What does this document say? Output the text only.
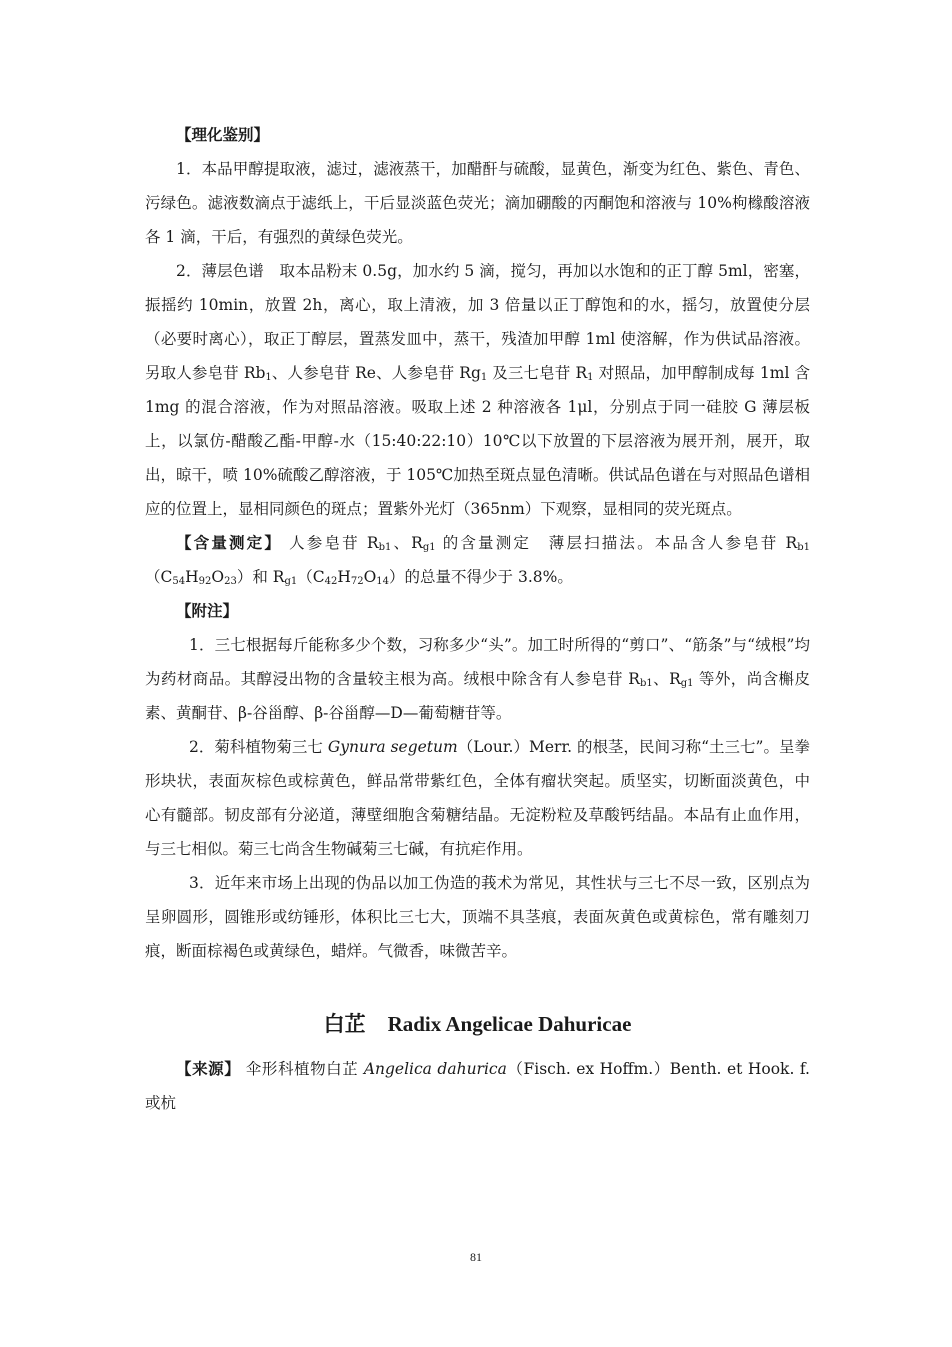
【理化鉴别】

1．本品甲醇提取液，滤过，滤液蒸干，加醋酐与硫酸，显黄色，渐变为红色、紫色、青色、污绿色。滤液数滴点于滤纸上，干后显淡蓝色荧光；滴加硼酸的丙酮饱和溶液与 10%枸橼酸溶液各 1 滴，干后，有强烈的黄绿色荧光。

2．薄层色谱　取本品粉末 0.5g，加水约 5 滴，搅匀，再加以水饱和的正丁醇 5ml，密塞，振摇约 10min，放置 2h，离心，取上清液，加 3 倍量以正丁醇饱和的水，摇匀，放置使分层（必要时离心），取正丁醇层，置蒸发皿中，蒸干，残渣加甲醇 1ml 使溶解，作为供试品溶液。另取人参皂苷 $Rb_1$、人参皂苷 Re、人参皂苷 $Rg_1$ 及三七皂苷 $R_1$ 对照品，加甲醇制成每 1ml 含 1mg 的混合溶液，作为对照品溶液。吸取上述 2 种溶液各 1μl，分别点于同一硅胶 G 薄层板上，以氯仿-醋酸乙酯-甲醇-水（15:40:22:10）10℃以下放置的下层溶液为展开剂，展开，取出，晾干，喷 10%硫酸乙醇溶液，于 105℃加热至斑点显色清晰。供试品色谱在与对照品色谱相应的位置上，显相同颜色的斑点；置紫外光灯（365nm）下观察，显相同的荧光斑点。

【含量测定】 人参皂苷 $R_{b1}$、$R_{g1}$ 的含量测定　薄层扫描法。本品含人参皂苷 $R_{b1}(C_{54}H_{92}O_{23})$和 $R_{g1}(C_{42}H_{72}O_{14})$的总量不得少于 3.8%。

【附注】

1．三七根据每斤能称多少个数，习称多少“头”。加工时所得的“剪口”、“筋条”与“绒根”均为药材商品。其醇浸出物的含量较主根为高。绒根中除含有人参皂苷 $R_{b1}$、$R_{g1}$ 等外，尚含槲皮素、黄酮苷、β-谷甾醇、β-谷甾醇—D—葡萄糖苷等。

2．菊科植物菊三七 Gynura segetum（Lour.）Merr. 的根茎，民间习称“土三七”。呈拳形块状，表面灰棕色或棕黄色，鲜品常带紫红色，全体有瘤状突起。质坚实，切断面淡黄色，中心有髓部。韧皮部有分泌道，薄壁细胞含菊糖结晶。无淀粉粒及草酸钙结晶。本品有止血作用，与三七相似。菊三七尚含生物碱菊三七碱，有抗疟作用。

3．近年来市场上出现的伪品以加工伪造的莪术为常见，其性状与三七不尽一致，区别点为呈卵圆形，圆锥形或纺锤形，体积比三七大，顶端不具茎痕，表面灰黄色或黄棕色，常有雕刻刀痕，断面棕褐色或黄绿色，蜡烊。气微香，味微苦辛。

白芷 Radix Angelicae Dahuricae

【来源】 伞形科植物白芷 Angelica dahurica（Fisch. ex Hoffm.）Benth. et Hook. f.或杭

81
